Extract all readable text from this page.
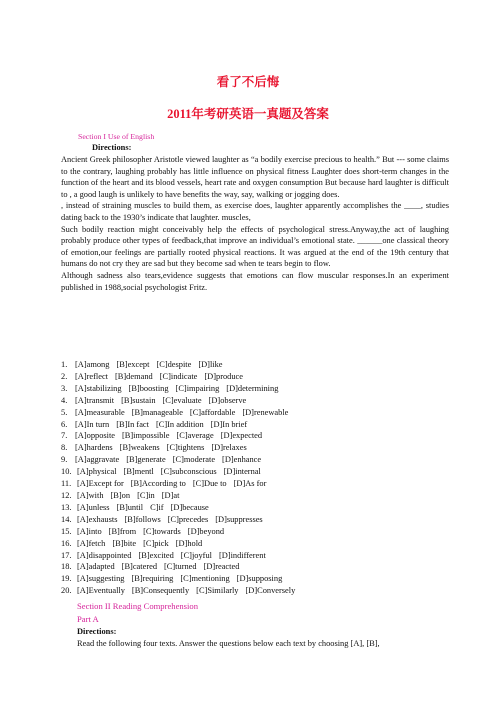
看了不后悔
2011年考研英语一真题及答案
Section I Use of English
Directions:

Ancient Greek philosopher Aristotle viewed laughter as “a bodily exercise precious to health.” But --- some claims to the contrary, laughing probably has little influence on physical fitness Laughter does short-term changes in the function of the heart and its blood vessels, heart rate and oxygen consumption But because hard laughter is difficult to , a good laugh is unlikely to have benefits the way, say, walking or jogging does.

, instead of straining muscles to build them, as exercise does, laughter apparently accomplishes the ____, studies dating back to the 1930’s indicate that laughter. muscles,

Such bodily reaction might conceivably help the effects of psychological stress.Anyway,the act of laughing probably produce other types of feedback,that improve an individual’s emotional state. ______one classical theory of emotion,our feelings are partially rooted physical reactions. It was argued at the end of the 19th century that humans do not cry they are sad but they become sad when te tears begin to flow.

Although sadness also tears,evidence suggests that emotions can flow muscular responses.In an experiment published in 1988,social psychologist Fritz.

1. [A]among [B]except [C]despite [D]like
2. [A]reflect [B]demand [C]indicate [D]produce
3. [A]stabilizing [B]boosting [C]impairing [D]determining
4. [A]transmit [B]sustain [C]evaluate [D]observe
5. [A]measurable [B]manageable [C]affordable [D]renewable
6. [A]In turn [B]In fact [C]In addition [D]In brief
7. [A]opposite [B]impossible [C]average [D]expected
8. [A]hardens [B]weakens [C]tightens [D]relaxes
9. [A]aggravate [B]generate [C]moderate [D]enhance
10. [A]physical [B]mentl [C]subconscious [D]internal
11. [A]Except for [B]According to [C]Due to [D]As for
12. [A]with [B]on [C]in [D]at
13. [A]unless [B]until C]if [D]because
14. [A]exhausts [B]follows [C]precedes [D]suppresses
15. [A]into [B]from [C]towards [D]beyond
16. [A]fetch [B]bite [C]pick [D]hold
17. [A]disappointed [B]excited [C]joyful [D]indifferent
18. [A]adapted [B]catered [C]turned [D]reacted
19. [A]suggesting [B]requiring [C]mentioning [D]supposing
20. [A]Eventually [B]Consequently [C]Similarly [D]Conversely
Section II Reading Comprehension
Part A
Directions:
Read the following four texts. Answer the questions below each text by choosing [A], [B],
